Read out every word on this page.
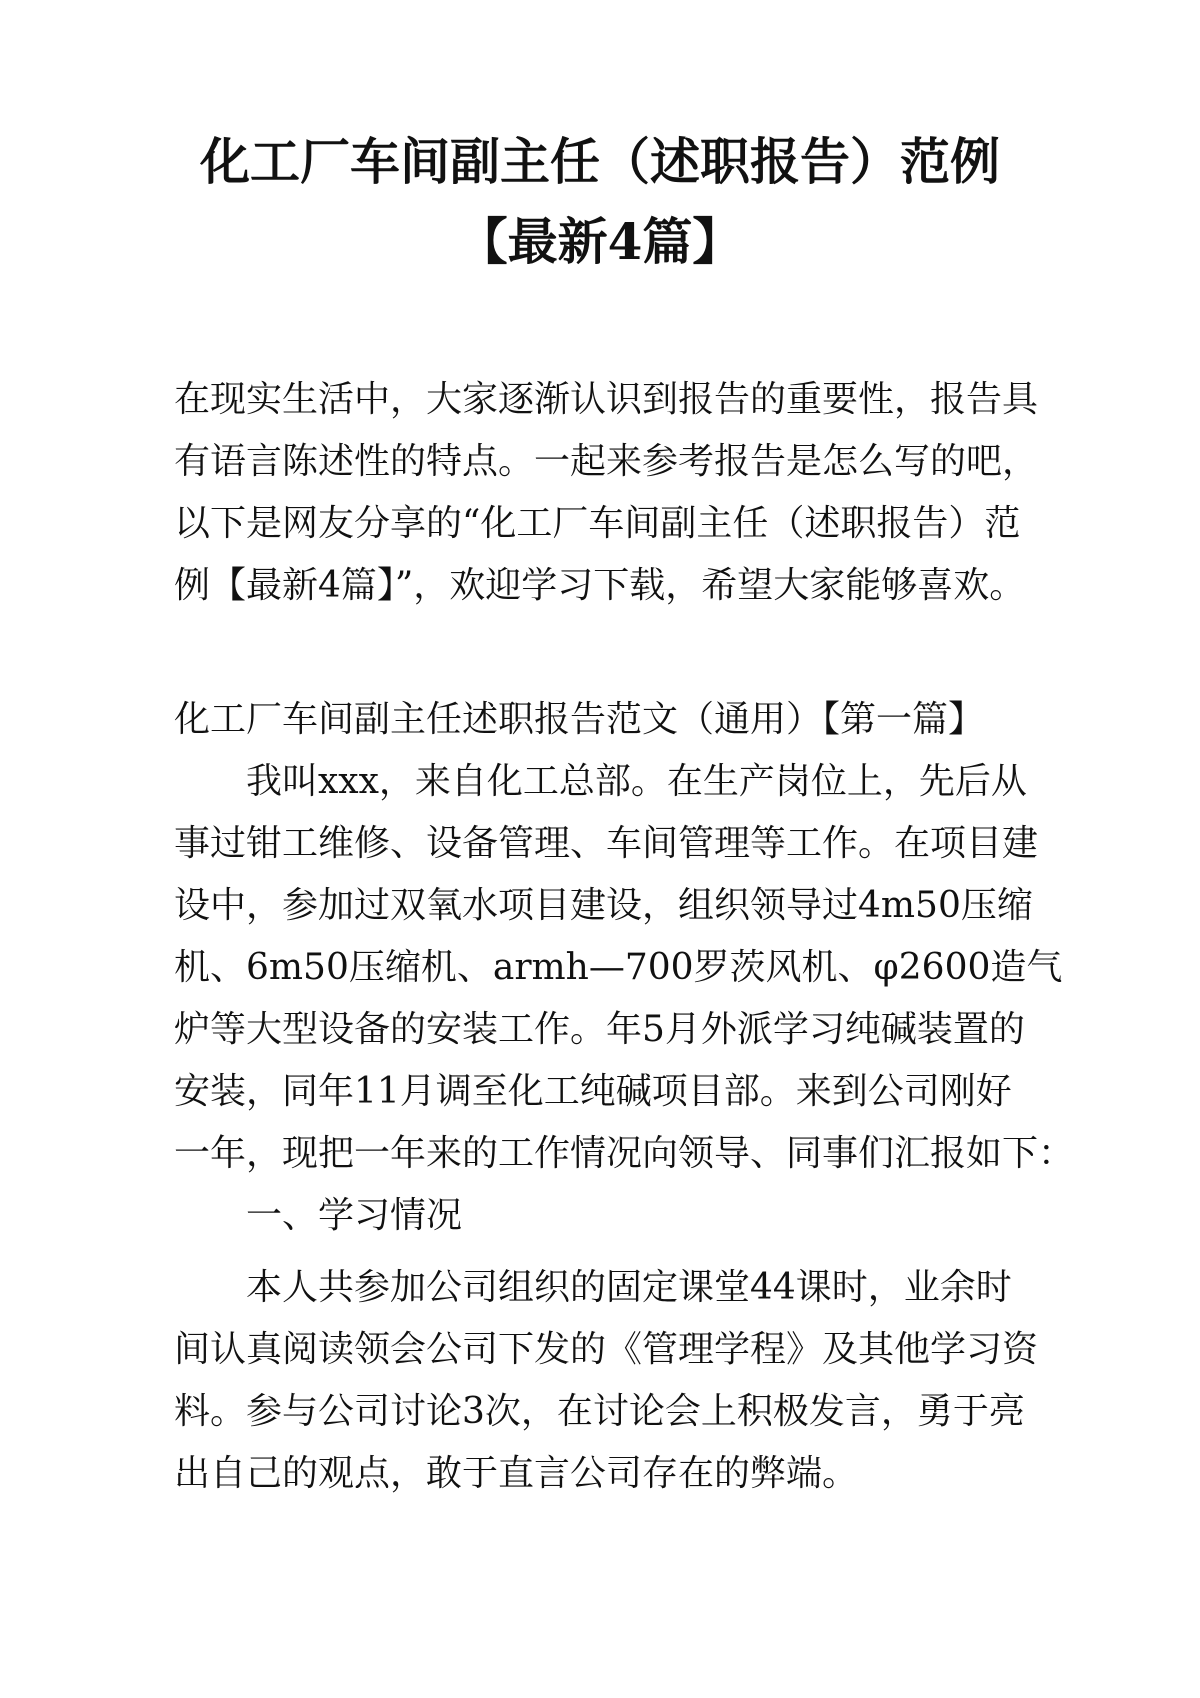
化工厂车间副主任（述职报告）范例
【最新4篇】
在现实生活中，大家逐渐认识到报告的重要性，报告具
有语言陈述性的特点。一起来参考报告是怎么写的吧，
以下是网友分享的“化工厂车间副主任（述职报告）范
例【最新4篇】”，欢迎学习下载，希望大家能够喜欢。
化工厂车间副主任述职报告范文（通用）【第一篇】
我叫xxx，来自化工总部。在生产岗位上，先后从
事过钳工维修、设备管理、车间管理等工作。在项目建
设中，参加过双氧水项目建设，组织领导过4m50压缩
机、6m50压缩机、armh—700罗茨风机、φ2600造气
炉等大型设备的安装工作。年5月外派学习纯碱装置的
安装，同年11月调至化工纯碱项目部。来到公司刚好
一年，现把一年来的工作情况向领导、同事们汇报如下：
一、学习情况
本人共参加公司组织的固定课堂44课时，业余时
间认真阅读领会公司下发的《管理学程》及其他学习资
料。参与公司讨论3次，在讨论会上积极发言，勇于亮
出自己的观点，敢于直言公司存在的弊端。
